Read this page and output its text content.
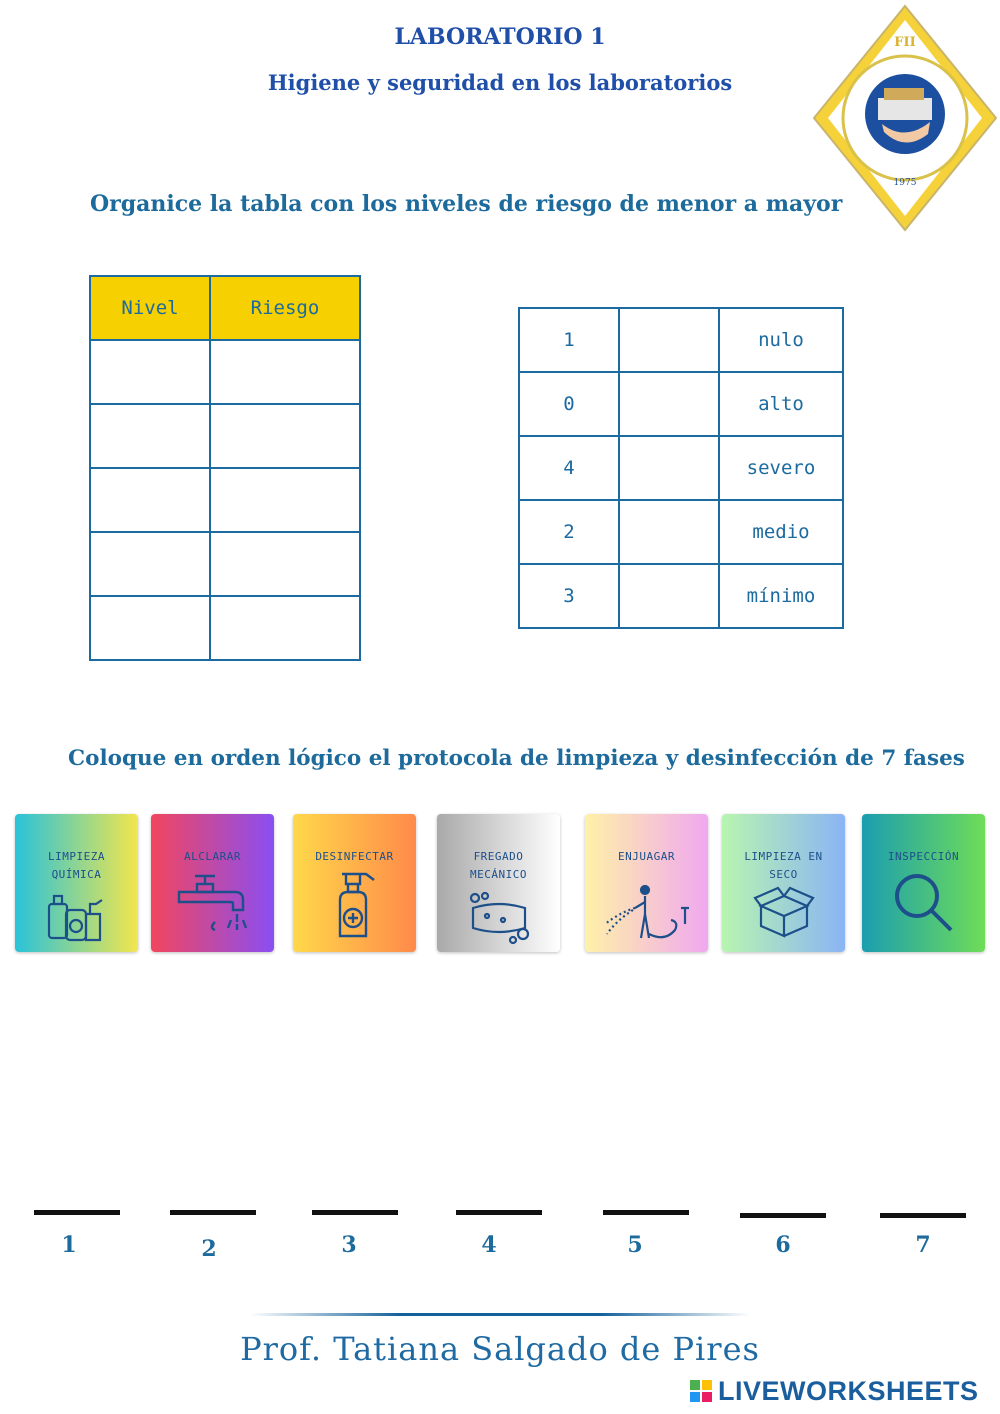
LABORATORIO 1
Higiene y seguridad en los laboratorios
FII
1975
Organice la tabla con los niveles de riesgo de menor a mayor
Nivel	Riesgo

1		nulo
0		alto
4		severo
2		medio
3		mínimo
Coloque en orden lógico el protocola de limpieza y desinfección de 7 fases
LIMPIEZA QUÍMICA
ALCLARAR	DESINFECTAR	FREGADO MECÁNICO
ENJUAGAR	LIMPIEZA EN SECO
INSPECCIÓN
1	2	3	4	5	6	7
Prof. Tatiana Salgado de Pires
LIVEWORKSHEETS
